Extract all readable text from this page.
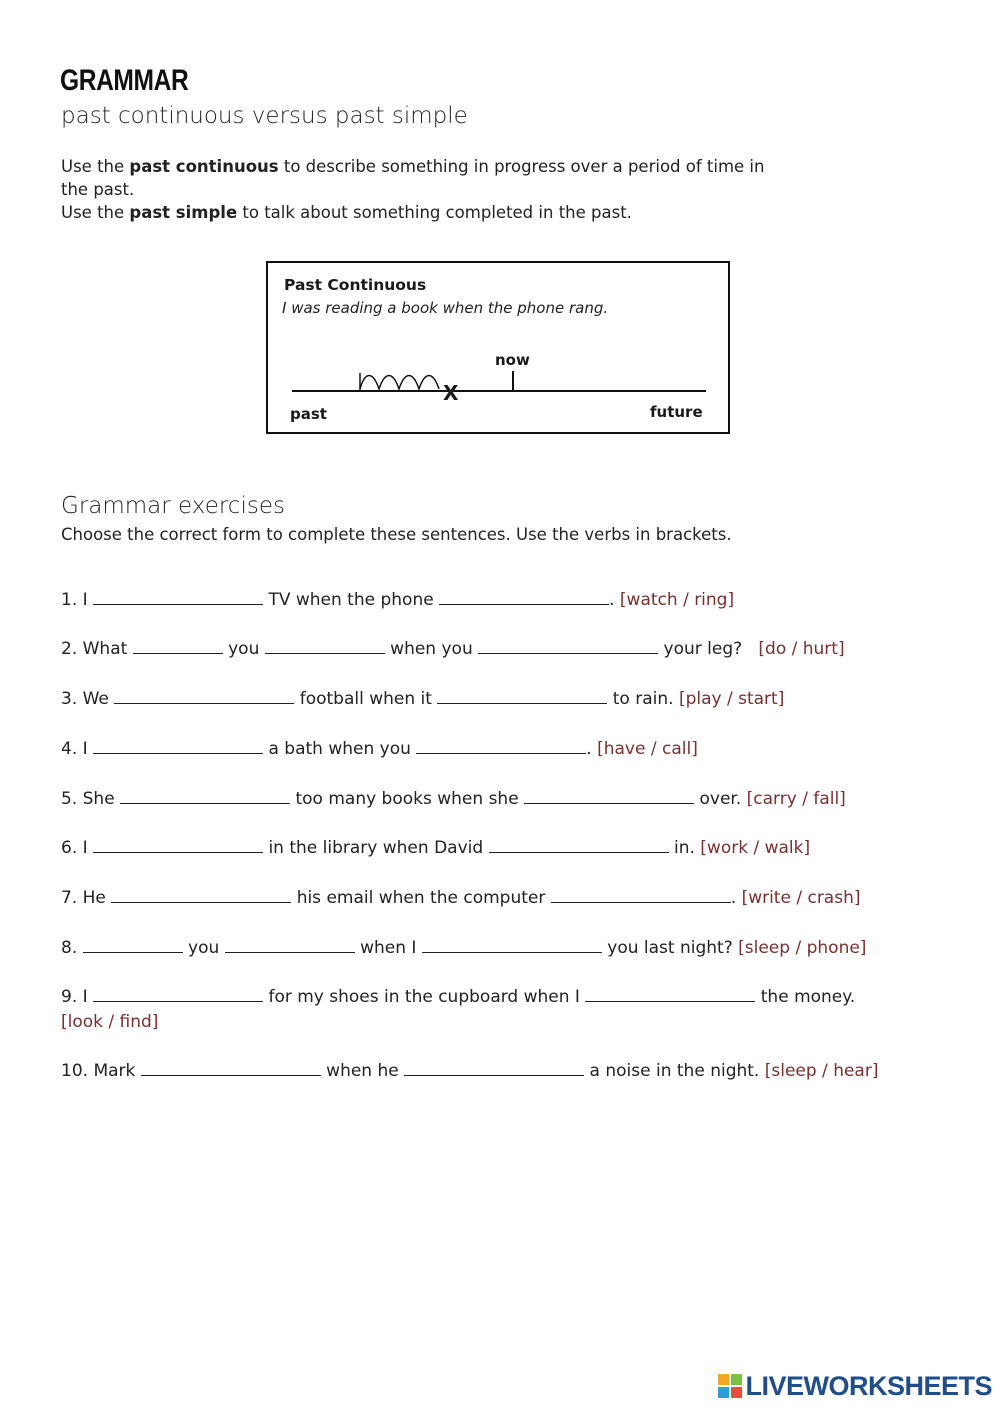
GRAMMAR
past continuous versus past simple
Use the past continuous to describe something in progress over a period of time in the past.
Use the past simple to talk about something completed in the past.
Past Continuous
I was reading a book when the phone rang.
X
now
past	future
Grammar exercises
Choose the correct form to complete these sentences. Use the verbs in brackets.
1. I	TV when the phone	. [watch / ring]
2. What	you	when you	your leg? [do / hurt]
3. We	football when it	to rain. [play / start]
4. I	a bath when you	. [have / call]
5. She	too many books when she	over. [carry / fall]
6. I	in the library when David	in. [work / walk]
7. He	his email when the computer	. [write / crash]
8.	you	when I	you last night? [sleep / phone]
9. I	for my shoes in the cupboard when I	the money.
[look / find]
10. Mark	when he	a noise in the night. [sleep / hear]
LIVEWORKSHEETS
